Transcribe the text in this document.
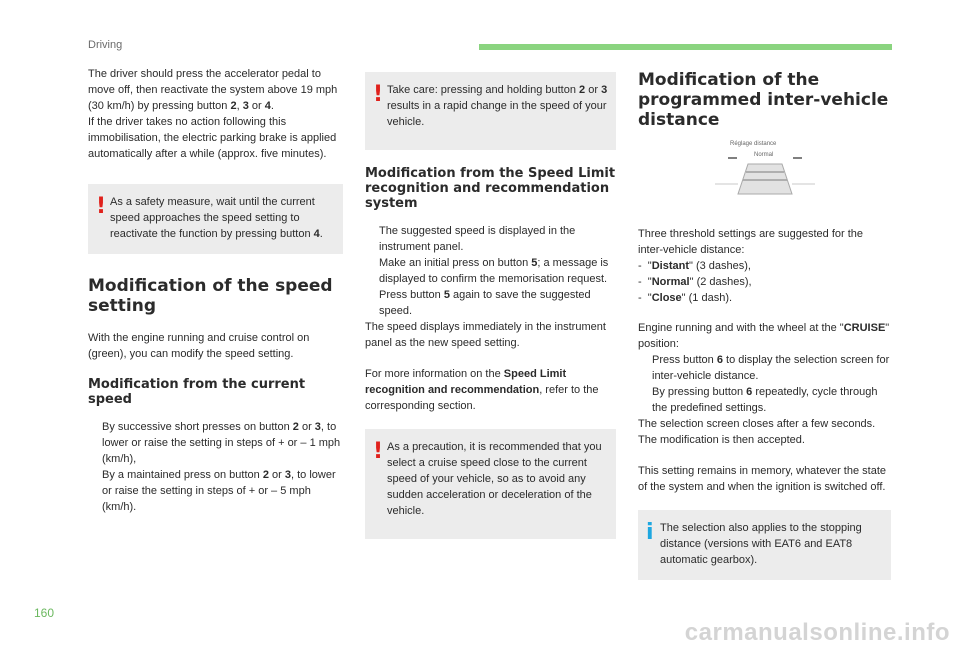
Driving

The driver should press the accelerator pedal to move off, then reactivate the system above 19 mph (30 km/h) by pressing button 2, 3 or 4.
If the driver takes no action following this immobilisation, the electric parking brake is applied automatically after a while (approx. five minutes).

! As a safety measure, wait until the current speed approaches the speed setting to reactivate the function by pressing button 4.
Modification of the speed setting

With the engine running and cruise control on (green), you can modify the speed setting.

Modification from the current speed
By successive short presses on button 2 or 3, to lower or raise the setting in steps of + or – 1 mph (km/h),
By a maintained press on button 2 or 3, to lower or raise the setting in steps of + or – 5 mph (km/h).
! Take care: pressing and holding button 2 or 3 results in a rapid change in the speed of your vehicle.
Modification from the Speed Limit recognition and recommendation system
The suggested speed is displayed in the instrument panel.
Make an initial press on button 5; a message is displayed to confirm the memorisation request.
Press button 5 again to save the suggested speed.

The speed displays immediately in the instrument panel as the new speed setting.

For more information on the Speed Limit recognition and recommendation, refer to the corresponding section.

! As a precaution, it is recommended that you select a cruise speed close to the current speed of your vehicle, so as to avoid any sudden acceleration or deceleration of the vehicle.
Modification of the programmed inter-vehicle distance
Réglage distance
Normal

Three threshold settings are suggested for the inter-vehicle distance:
- "Distant" (3 dashes),
- "Normal" (2 dashes),
- "Close" (1 dash).

Engine running and with the wheel at the "CRUISE" position:

Press button 6 to display the selection screen for inter-vehicle distance.
By pressing button 6 repeatedly, cycle through the predefined settings.

The selection screen closes after a few seconds.
The modification is then accepted.

This setting remains in memory, whatever the state of the system and when the ignition is switched off.

i The selection also applies to the stopping distance (versions with EAT6 and EAT8 automatic gearbox).
160
carmanualsonline.info
